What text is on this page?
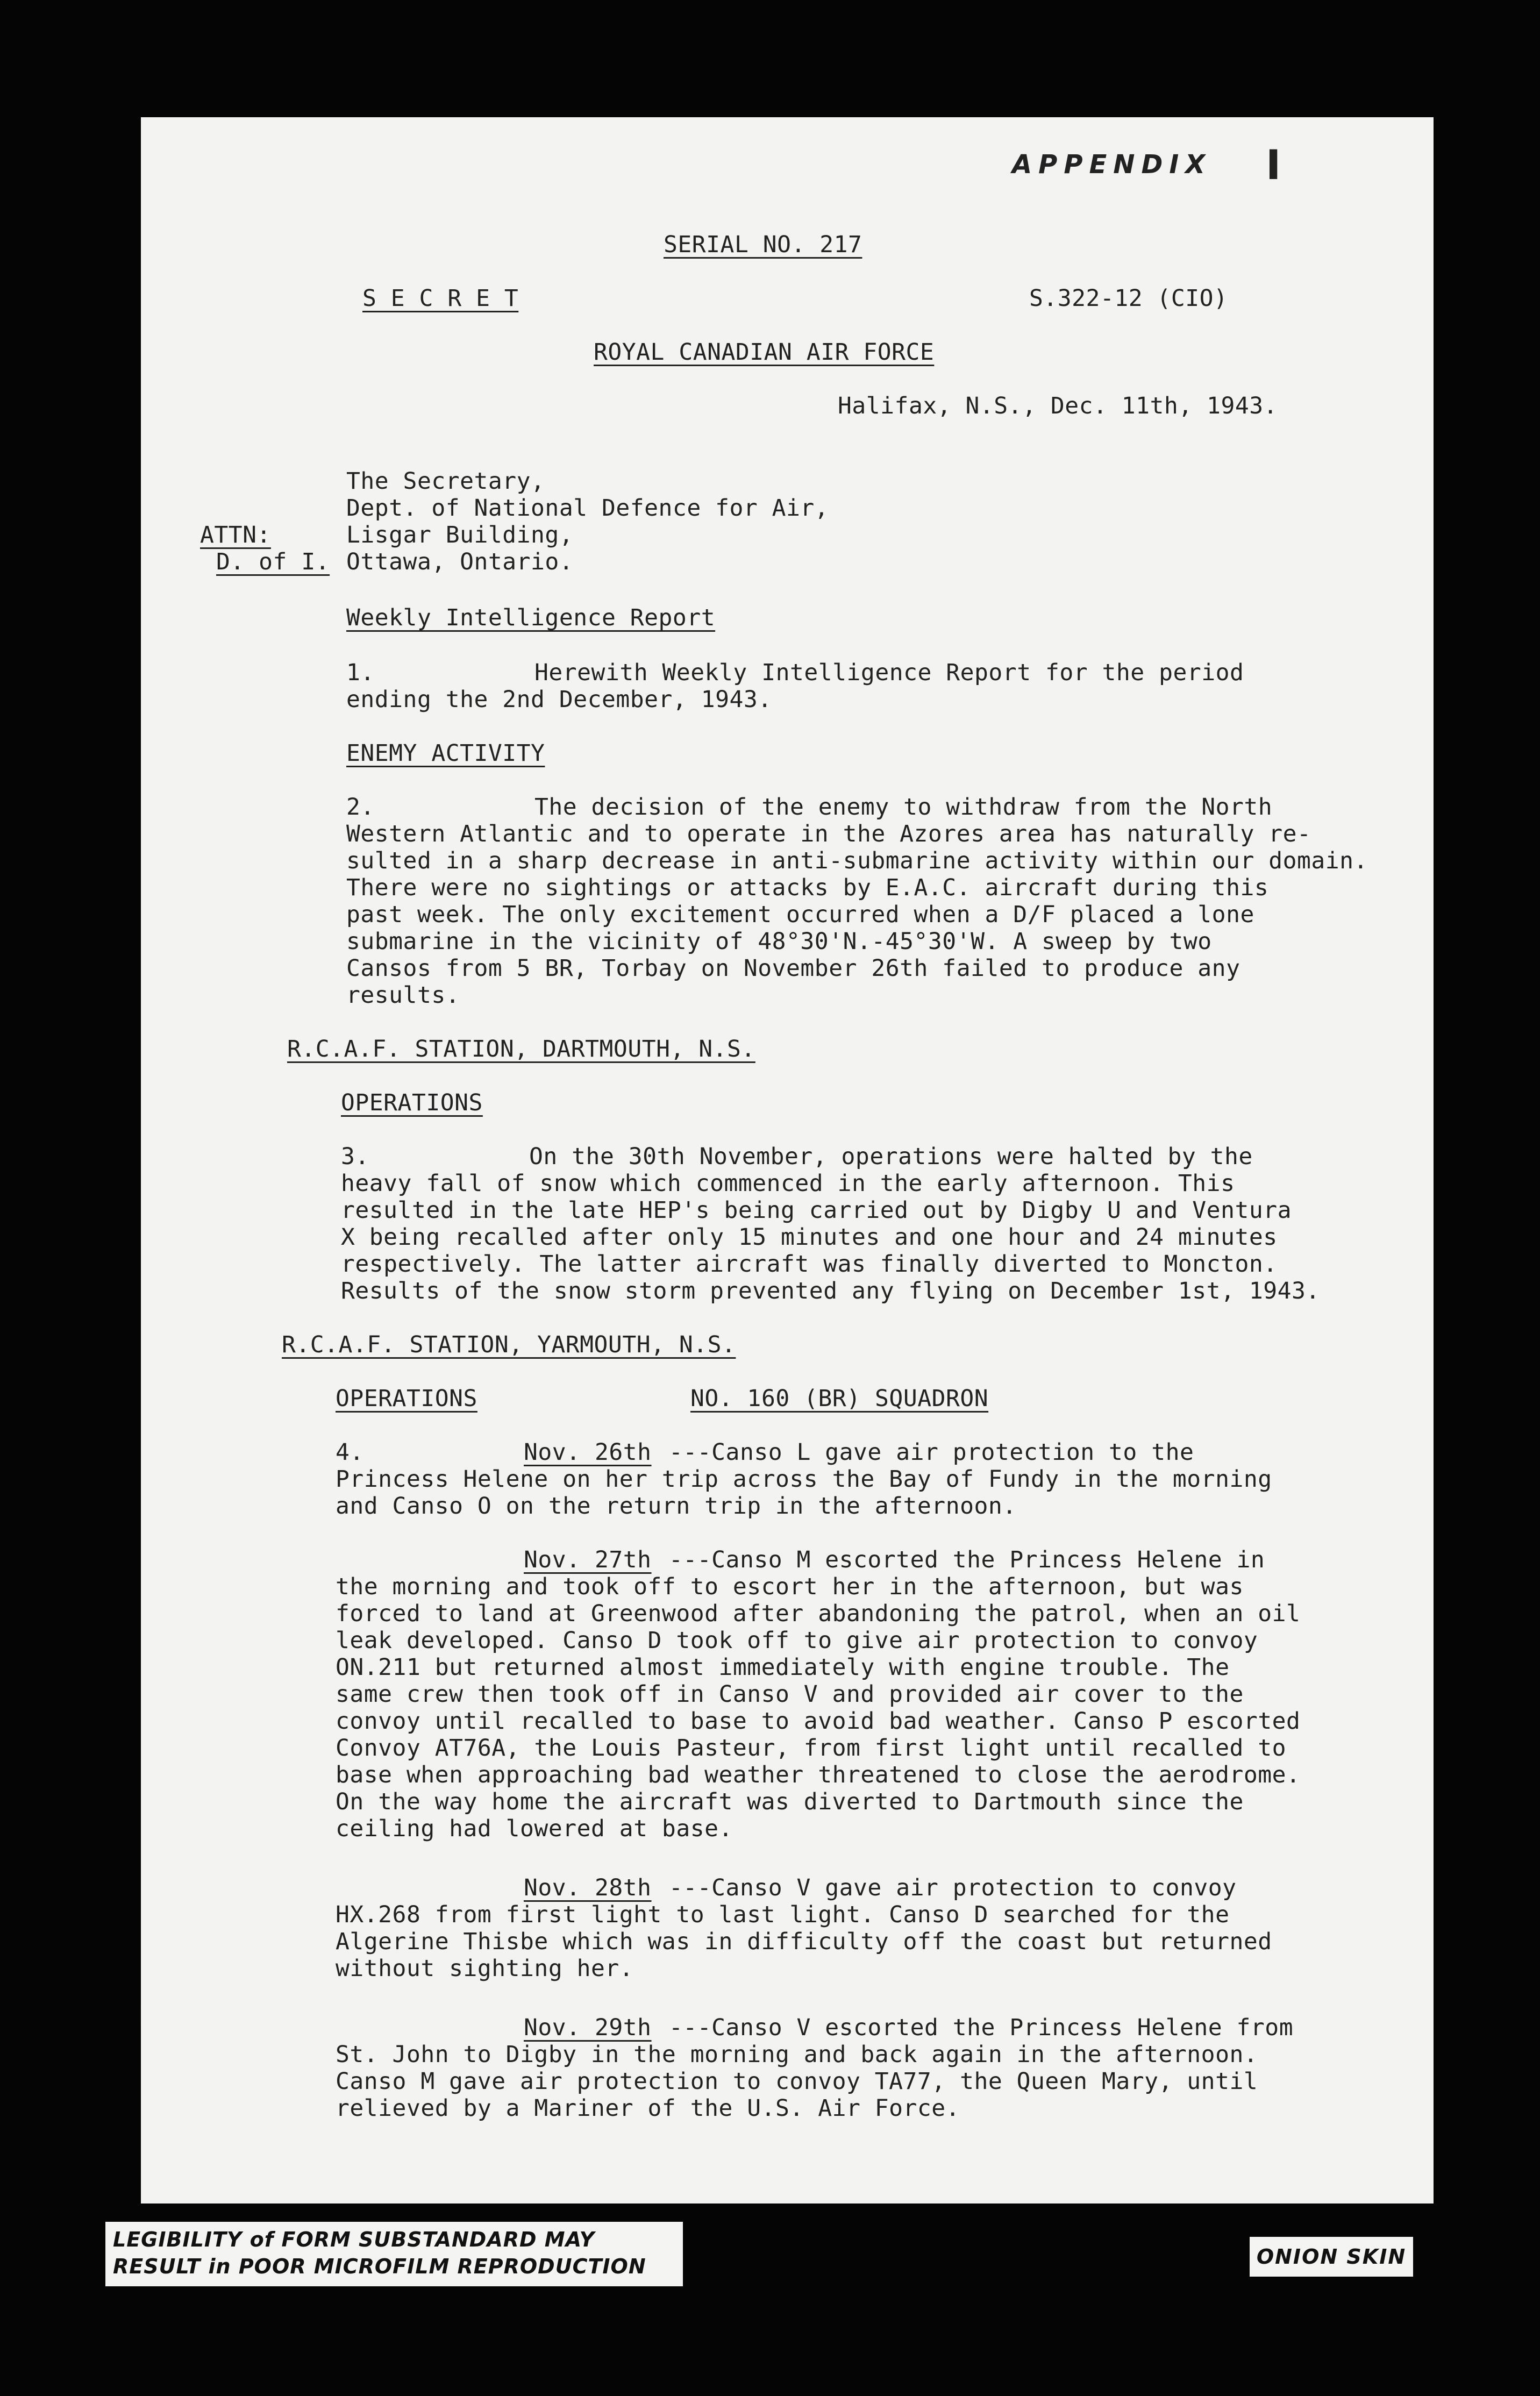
APPENDIX I

SERIAL NO. 217

S E C R E T	S.322-12 (CIO)

ROYAL CANADIAN AIR FORCE

Halifax, N.S., Dec. 11th, 1943.

The Secretary,

Dept. of National Defence for Air,

Lisgar Building,

Ottawa, Ontario.

ATTN:

D. of I.

Weekly Intelligence Report

1.	Herewith Weekly Intelligence Report for the period

ending the 2nd December, 1943.

ENEMY ACTIVITY

2.	The decision of the enemy to withdraw from the North

Western Atlantic and to operate in the Azores area has naturally re-

sulted in a sharp decrease in anti-submarine activity within our domain.

There were no sightings or attacks by E.A.C. aircraft during this

past week. The only excitement occurred when a D/F placed a lone

submarine in the vicinity of 48°30'N.-45°30'W. A sweep by two

Cansos from 5 BR, Torbay on November 26th failed to produce any

results.

R.C.A.F. STATION, DARTMOUTH, N.S.

OPERATIONS

3.	On the 30th November, operations were halted by the

heavy fall of snow which commenced in the early afternoon. This

resulted in the late HEP's being carried out by Digby U and Ventura

X being recalled after only 15 minutes and one hour and 24 minutes

respectively. The latter aircraft was finally diverted to Moncton.

Results of the snow storm prevented any flying on December 1st, 1943.

R.C.A.F. STATION, YARMOUTH, N.S.

OPERATIONS	NO. 160 (BR) SQUADRON

4.	Nov. 26th ---Canso L gave air protection to the

Princess Helene on her trip across the Bay of Fundy in the morning

and Canso O on the return trip in the afternoon.

Nov. 27th ---Canso M escorted the Princess Helene in

the morning and took off to escort her in the afternoon, but was

forced to land at Greenwood after abandoning the patrol, when an oil

leak developed. Canso D took off to give air protection to convoy

ON.211 but returned almost immediately with engine trouble. The

same crew then took off in Canso V and provided air cover to the

convoy until recalled to base to avoid bad weather. Canso P escorted

Convoy AT76A, the Louis Pasteur, from first light until recalled to

base when approaching bad weather threatened to close the aerodrome.

On the way home the aircraft was diverted to Dartmouth since the

ceiling had lowered at base.

Nov. 28th ---Canso V gave air protection to convoy

HX.268 from first light to last light. Canso D searched for the

Algerine Thisbe which was in difficulty off the coast but returned

without sighting her.

Nov. 29th ---Canso V escorted the Princess Helene from

St. John to Digby in the morning and back again in the afternoon.

Canso M gave air protection to convoy TA77, the Queen Mary, until

relieved by a Mariner of the U.S. Air Force.

LEGIBILITY of FORM SUBSTANDARD MAY
RESULT in POOR MICROFILM REPRODUCTION	ONION SKIN
